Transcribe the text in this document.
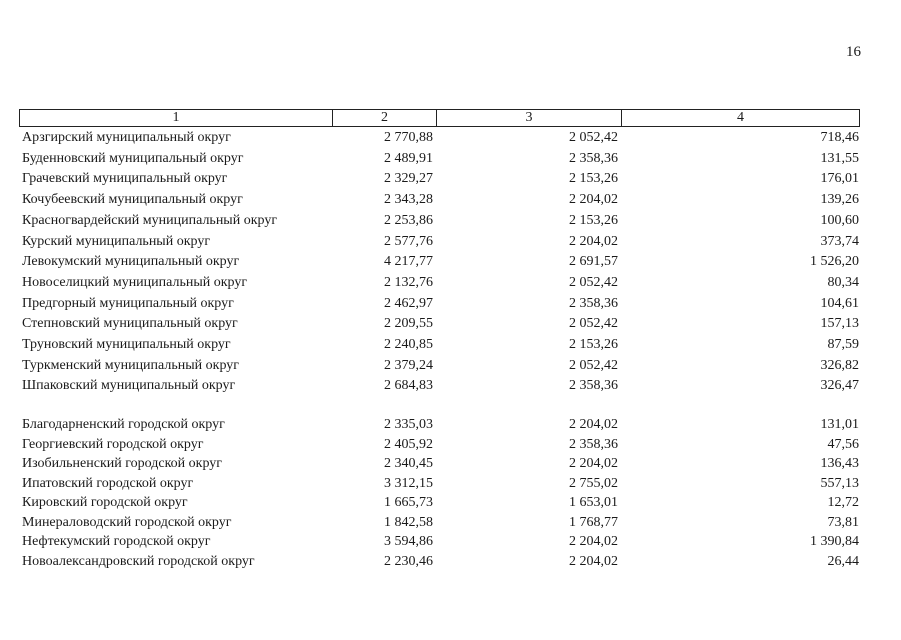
16
1	2	3	4
Арзгирский муниципальный округ	2 770,88	2 052,42	718,46
Буденновский муниципальный округ	2 489,91	2 358,36	131,55
Грачевский муниципальный округ	2 329,27	2 153,26	176,01
Кочубеевский муниципальный округ	2 343,28	2 204,02	139,26
Красногвардейский муниципальный округ	2 253,86	2 153,26	100,60
Курский муниципальный округ	2 577,76	2 204,02	373,74
Левокумский муниципальный округ	4 217,77	2 691,57	1 526,20
Новоселицкий муниципальный округ	2 132,76	2 052,42	80,34
Предгорный муниципальный округ	2 462,97	2 358,36	104,61
Степновский муниципальный округ	2 209,55	2 052,42	157,13
Труновский муниципальный округ	2 240,85	2 153,26	87,59
Туркменский муниципальный округ	2 379,24	2 052,42	326,82
Шпаковский муниципальный округ	2 684,83	2 358,36	326,47
Благодарненский городской округ	2 335,03	2 204,02	131,01
Георгиевский городской округ	2 405,92	2 358,36	47,56
Изобильненский городской округ	2 340,45	2 204,02	136,43
Ипатовский городской округ	3 312,15	2 755,02	557,13
Кировский городской округ	1 665,73	1 653,01	12,72
Минераловодский городской округ	1 842,58	1 768,77	73,81
Нефтекумский городской округ	3 594,86	2 204,02	1 390,84
Новоалександровский городской округ	2 230,46	2 204,02	26,44
